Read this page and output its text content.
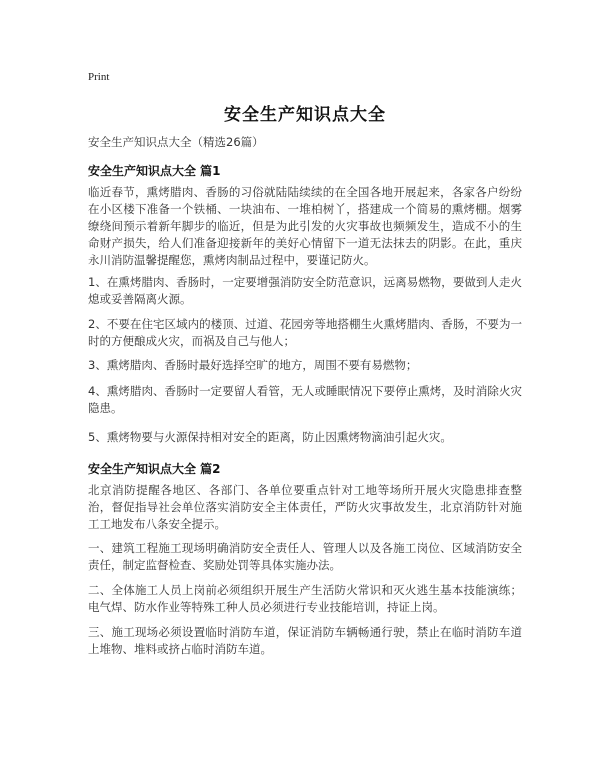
Print
安全生产知识点大全
安全生产知识点大全（精选26篇）
安全生产知识点大全 篇1
临近春节，熏烤腊肉、香肠的习俗就陆陆续续的在全国各地开展起来，各家各户纷纷在小区楼下准备一个铁桶、一块油布、一堆柏树丫，搭建成一个简易的熏烤棚。烟雾缭绕间预示着新年脚步的临近，但是为此引发的火灾事故也频频发生，造成不小的生命财产损失，给人们准备迎接新年的美好心情留下一道无法抹去的阴影。在此，重庆永川消防温馨提醒您，熏烤肉制品过程中，要谨记防火。
1、在熏烤腊肉、香肠时，一定要增强消防安全防范意识，远离易燃物，要做到人走火熄或妥善隔离火源。
2、不要在住宅区域内的楼顶、过道、花园旁等地搭棚生火熏烤腊肉、香肠，不要为一时的方便酿成火灾，而祸及自己与他人；
3、熏烤腊肉、香肠时最好选择空旷的地方，周围不要有易燃物；
4、熏烤腊肉、香肠时一定要留人看管，无人或睡眠情况下要停止熏烤，及时消除火灾隐患。
5、熏烤物要与火源保持相对安全的距离，防止因熏烤物滴油引起火灾。
安全生产知识点大全 篇2
北京消防提醒各地区、各部门、各单位要重点针对工地等场所开展火灾隐患排查整治，督促指导社会单位落实消防安全主体责任，严防火灾事故发生，北京消防针对施工工地发布八条安全提示。
一、建筑工程施工现场明确消防安全责任人、管理人以及各施工岗位、区域消防安全责任，制定监督检查、奖励处罚等具体实施办法。
二、全体施工人员上岗前必须组织开展生产生活防火常识和灭火逃生基本技能演练；电气焊、防水作业等特殊工种人员必须进行专业技能培训，持证上岗。
三、施工现场必须设置临时消防车道，保证消防车辆畅通行驶，禁止在临时消防车道上堆物、堆料或挤占临时消防车道。
